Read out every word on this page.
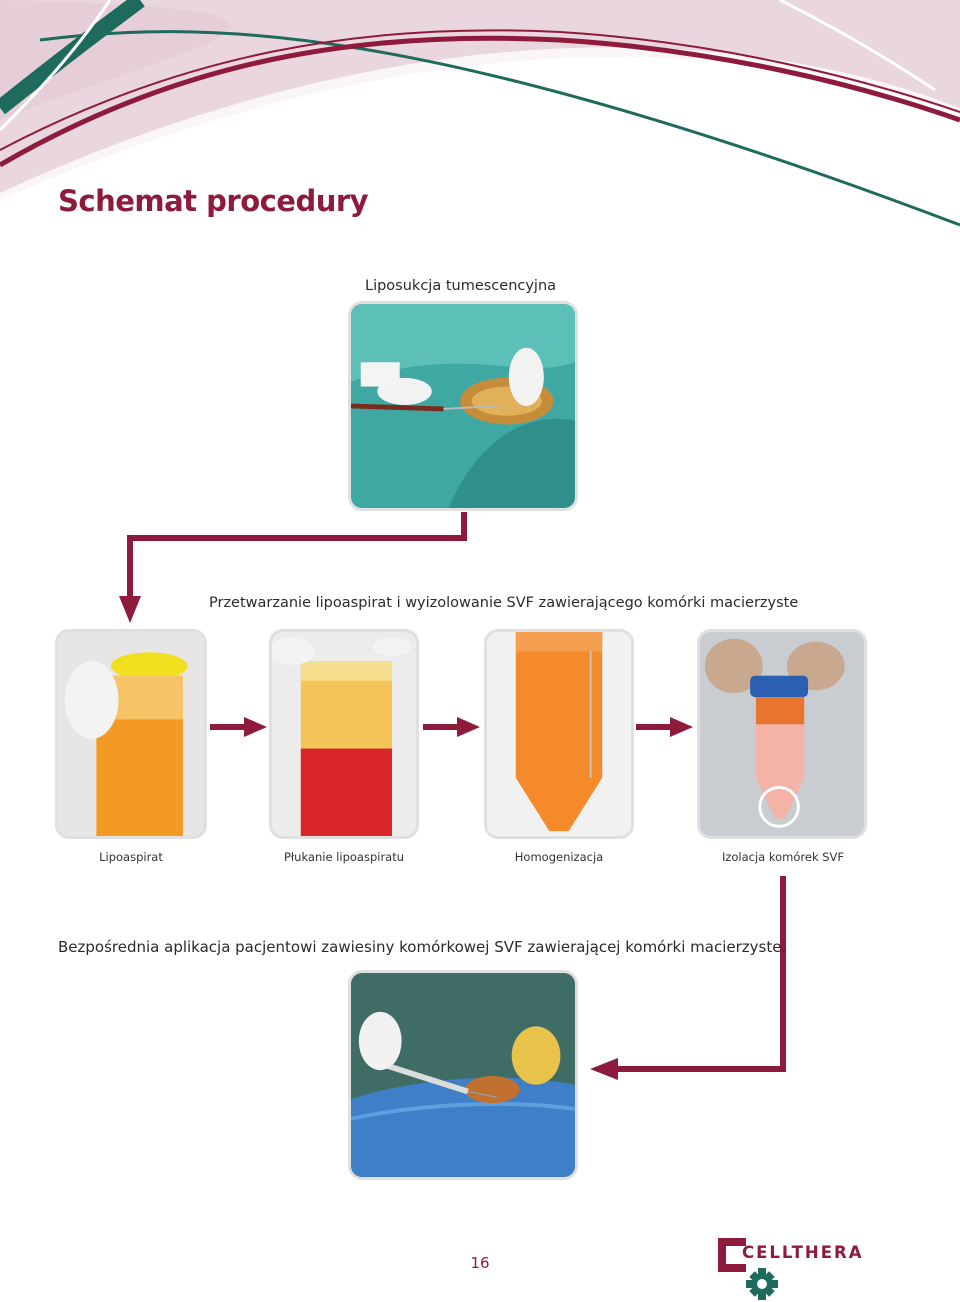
Schemat procedury
Liposukcja tumescencyjna
Przetwarzanie lipoaspirat i wyizolowanie SVF zawierającego komórki macierzyste
Lipoaspirat	Płukanie lipoaspiratu	Homogenizacja	Izolacja komórek SVF
Bezpośrednia aplikacja pacjentowi zawiesiny komórkowej SVF zawierającej komórki macierzyste.
16
CELLTHERA
